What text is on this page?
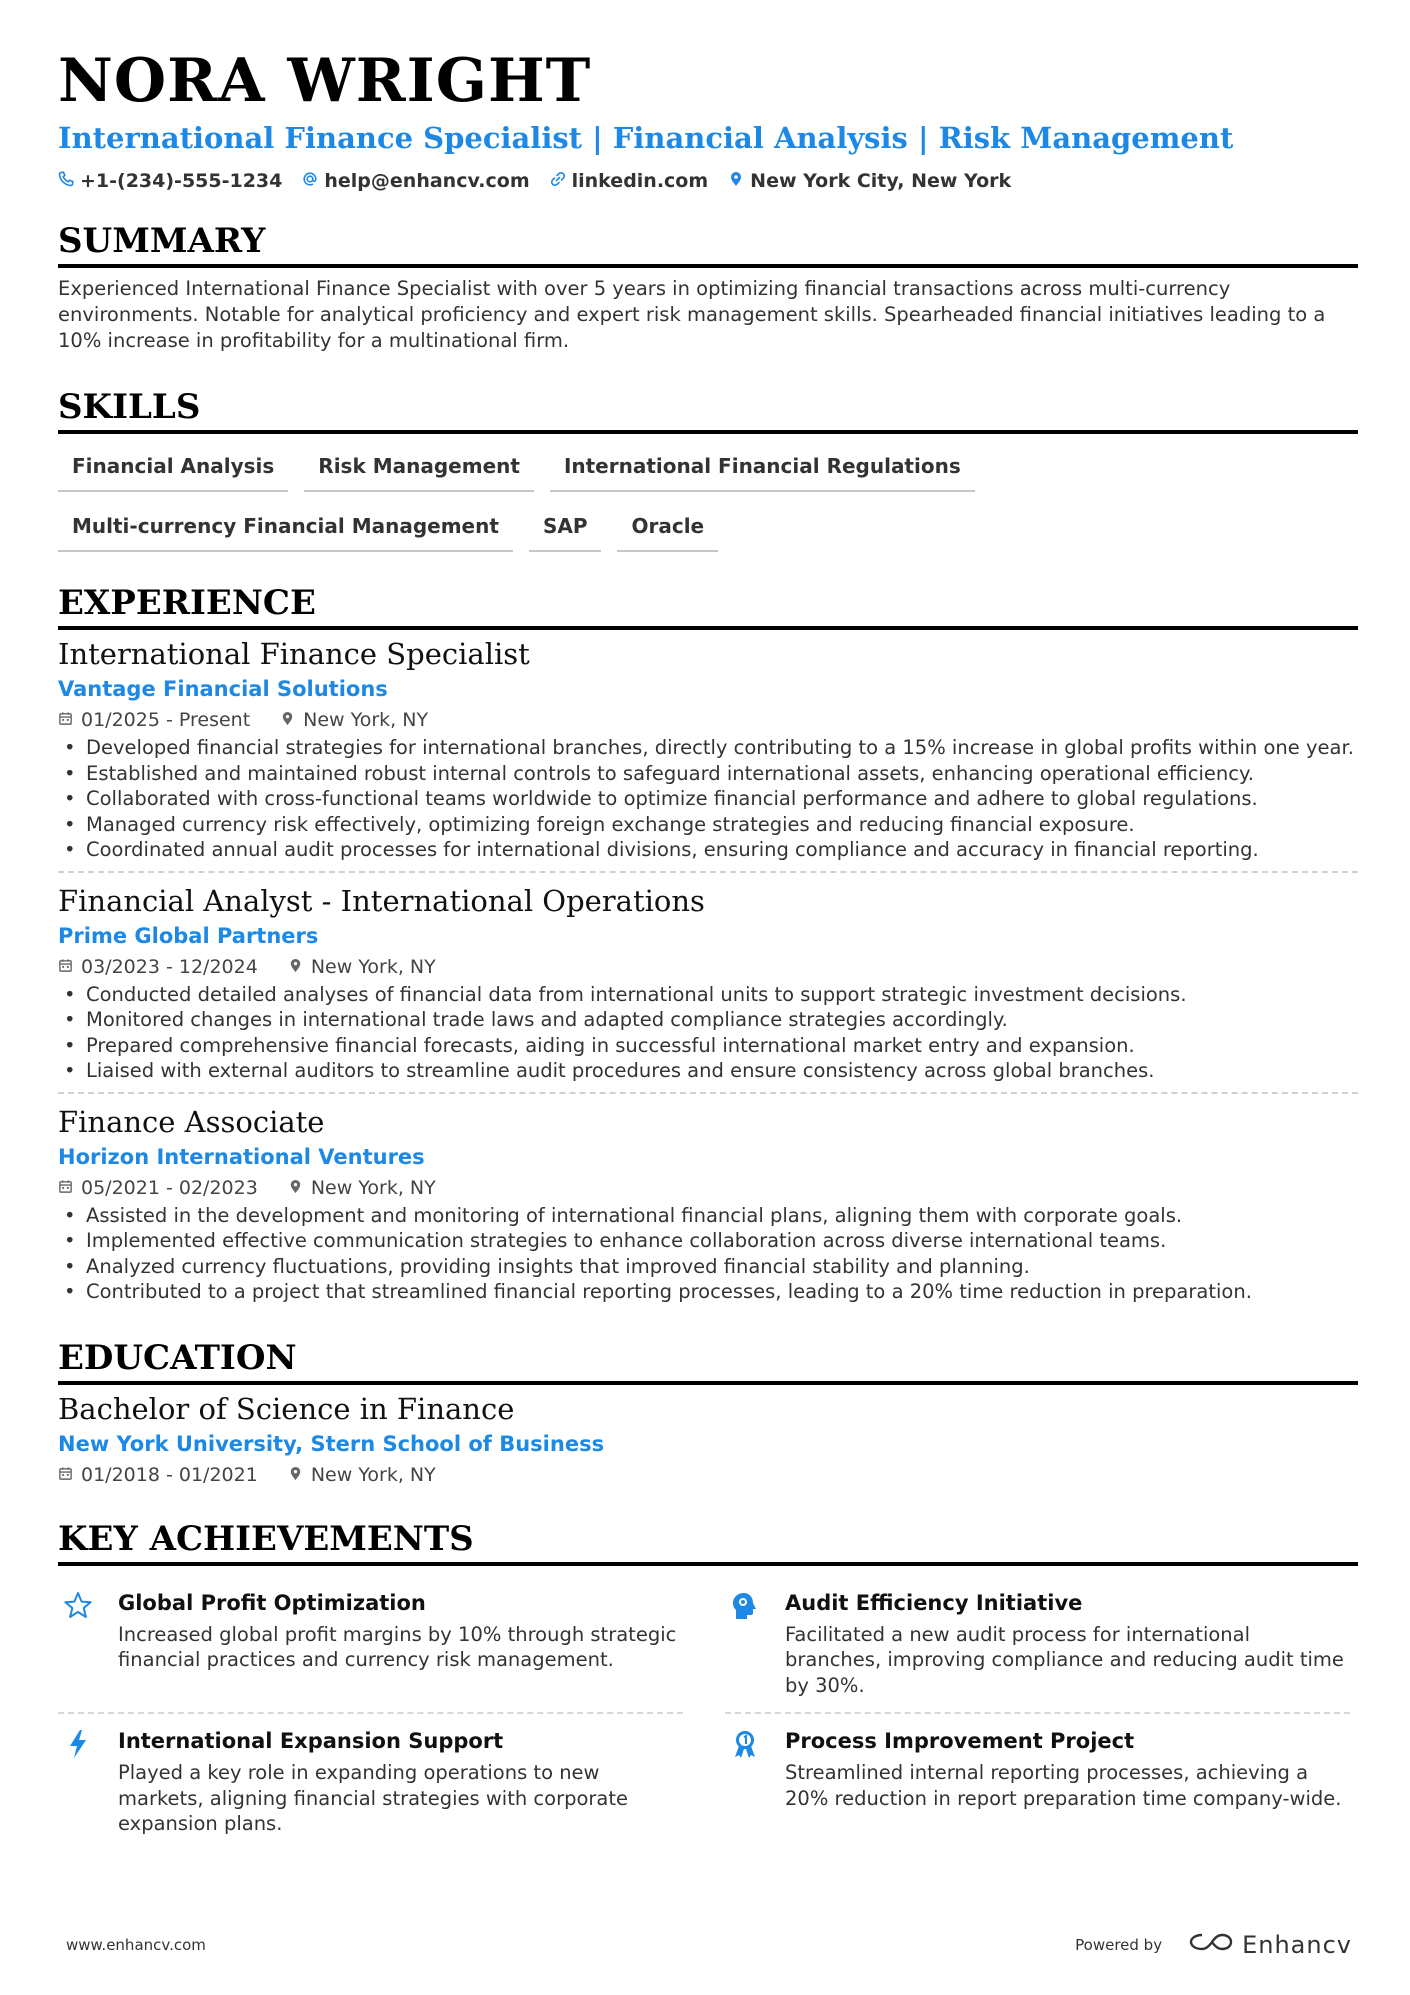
NORA WRIGHT
International Finance Specialist | Financial Analysis | Risk Management
+1-(234)-555-1234 help@enhancv.com linkedin.com New York City, New York
SUMMARY
Experienced International Finance Specialist with over 5 years in optimizing financial transactions across multi-currency environments. Notable for analytical proficiency and expert risk management skills. Spearheaded financial initiatives leading to a 10% increase in profitability for a multinational firm.
SKILLS
Financial Analysis	Risk Management	International Financial Regulations
Multi-currency Financial Management	SAP	Oracle
EXPERIENCE
International Finance Specialist
Vantage Financial Solutions
01/2025 - Present	New York, NY
• Developed financial strategies for international branches, directly contributing to a 15% increase in global profits within one year.
• Established and maintained robust internal controls to safeguard international assets, enhancing operational efficiency.
• Collaborated with cross-functional teams worldwide to optimize financial performance and adhere to global regulations.
• Managed currency risk effectively, optimizing foreign exchange strategies and reducing financial exposure.
• Coordinated annual audit processes for international divisions, ensuring compliance and accuracy in financial reporting.
Financial Analyst - International Operations
Prime Global Partners
03/2023 - 12/2024	New York, NY
• Conducted detailed analyses of financial data from international units to support strategic investment decisions.
• Monitored changes in international trade laws and adapted compliance strategies accordingly.
• Prepared comprehensive financial forecasts, aiding in successful international market entry and expansion.
• Liaised with external auditors to streamline audit procedures and ensure consistency across global branches.
Finance Associate
Horizon International Ventures
05/2021 - 02/2023	New York, NY
• Assisted in the development and monitoring of international financial plans, aligning them with corporate goals.
• Implemented effective communication strategies to enhance collaboration across diverse international teams.
• Analyzed currency fluctuations, providing insights that improved financial stability and planning.
• Contributed to a project that streamlined financial reporting processes, leading to a 20% time reduction in preparation.
EDUCATION
Bachelor of Science in Finance
New York University, Stern School of Business
01/2018 - 01/2021	New York, NY
KEY ACHIEVEMENTS
Global Profit Optimization
Increased global profit margins by 10% through strategic financial practices and currency risk management.
Audit Efficiency Initiative
Facilitated a new audit process for international branches, improving compliance and reducing audit time by 30%.
International Expansion Support
Played a key role in expanding operations to new markets, aligning financial strategies with corporate expansion plans.
Process Improvement Project
Streamlined internal reporting processes, achieving a 20% reduction in report preparation time company-wide.
www.enhancv.com	Powered by	Enhancv
